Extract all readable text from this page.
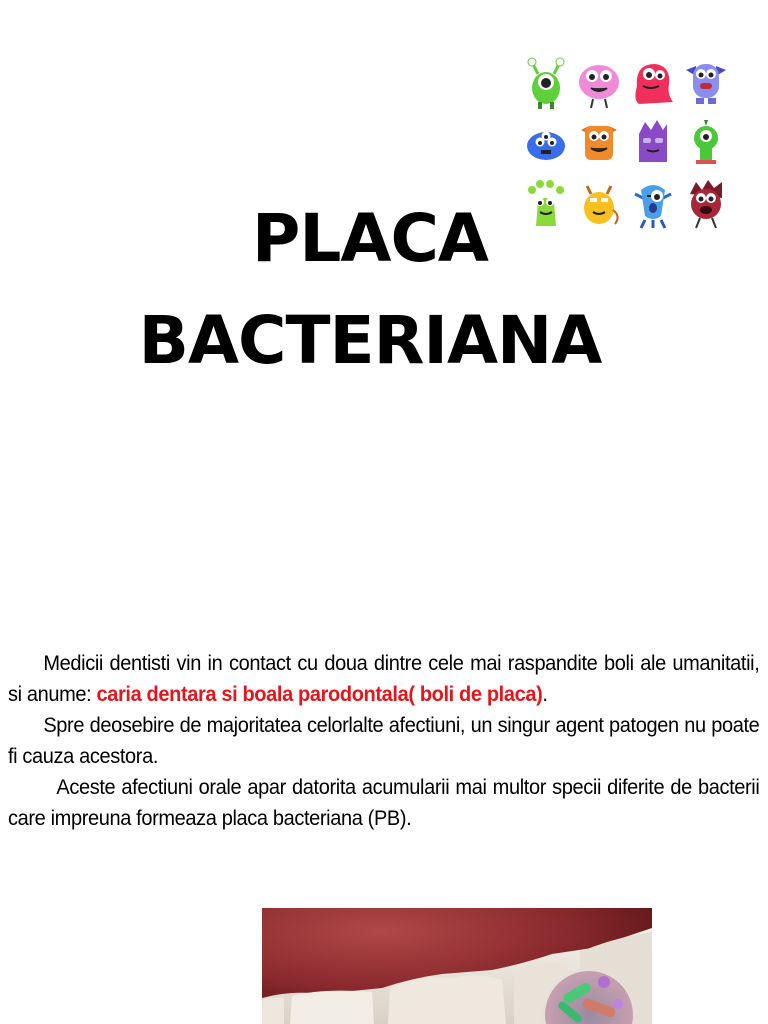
PLACA
BACTERIANA

Medicii dentisti vin in contact cu doua dintre cele mai raspandite boli ale umanitatii, si anume: caria dentara si boala parodontala( boli de placa).

Spre deosebire de majoritatea celorlalte afectiuni, un singur agent patogen nu poate fi cauza acestora.

Aceste afectiuni orale apar datorita acumularii mai multor specii diferite de bacterii care impreuna formeaza placa bacteriana (PB).
